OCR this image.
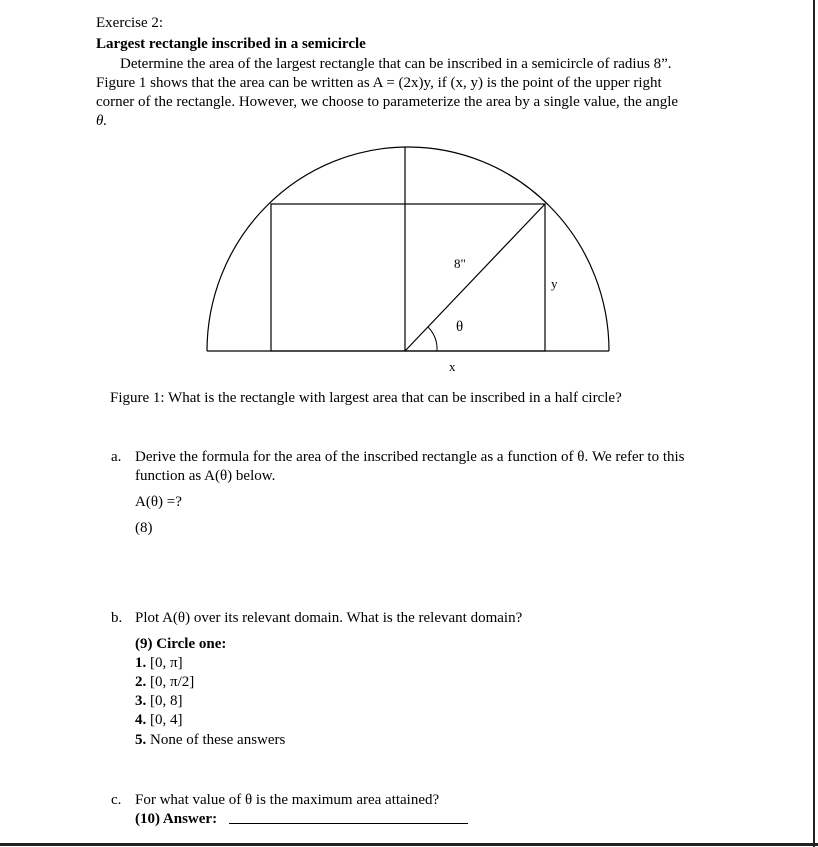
Exercise 2:
Largest rectangle inscribed in a semicircle
Determine the area of the largest rectangle that can be inscribed in a semicircle of radius 8”.
Figure 1 shows that the area can be written as A = (2x)y, if (x, y) is the point of the upper right
corner of the rectangle. However, we choose to parameterize the area by a single value, the angle
θ.
8"
y
x
θ
Figure 1: What is the rectangle with largest area that can be inscribed in a half circle?
a. Derive the formula for the area of the inscribed rectangle as a function of θ. We refer to this
function as A(θ) below.
A(θ) =?
(8)
b. Plot A(θ) over its relevant domain. What is the relevant domain?
(9) Circle one:
1. [0, π]
2. [0, π/2]
3. [0, 8]
4. [0, 4]
5. None of these answers
c. For what value of θ is the maximum area attained?
(10) Answer:
